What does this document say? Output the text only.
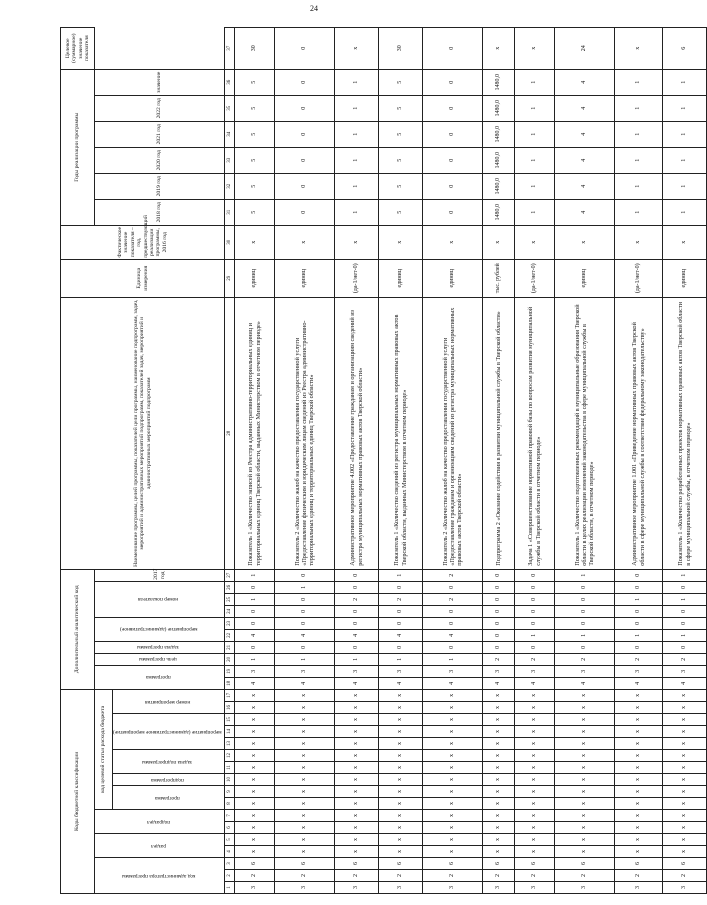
24
Коды бюджетной классификации																	Дополнительный аналитический код										Наименование программы, целей программы, показателей цели программы, наименование подпрограмм, задач, мероприятий и административных мероприятий подпрограмм, показателей задач, мероприятий и административных мероприятий подпрограмм	Единица измерения	Фактическое значение показателя – год, предшествующий реализации программы, 2016 год	Годы реализации программы						Целевое (суммарное) значение показателя
код администратора программы			раздел		подраздел		код целевой статьи расхода бюджета										программа		цель программы	задача программы	мероприятие (административное)		номер показателя			2017 год				2018 год	2019 год	2020 год	2021 год	2022 год	значение	
							программа		подпрограмма	задача подпрограммы		мероприятие (административное мероприятие)			номер мероприятия																					
1	2	3	4	5	6	7	8	9	10	11	12	13	14	15	16	17	18	19	20	21	22	23	24	25	26	27	28	29	30	31	32	33	34	35	36	37
3	2	6	x	x	x	x	x	x	x	x	x	x	x	x	x	x	4	3	1	0	4	0	0	1	0	1	Показатель 1 «Количество записей из Реестра административно-территориальных единиц и территориальных единиц Тверской области, выданных Министерством в отчетном периоде»	единиц	x	5	5	5	5	5	5	30
3	2	6	x	x	x	x	x	x	x	x	x	x	x	x	x	x	4	3	1	0	4	0	0	0	1	0	Показатель 2 «Количество жалоб на качество предоставления государственной услуги «Предоставление физическим и юридическим лицам сведений из Реестра административно-территориальных единиц и территориальных единиц Тверской области»	единиц	x	0	0	0	0	0	0	0
3	2	6	x	x	x	x	x	x	x	x	x	x	x	x	x	x	4	3	1	0	4	0	0	2	0	0	Административное мероприятие 4.002 «Предоставление гражданам и организациям сведений из регистра муниципальных нормативных правовых актов Тверской области»	(да-1/нет-0)	x	1	1	1	1	1	1	x
3	2	6	x	x	x	x	x	x	x	x	x	x	x	x	x	x	4	3	1	0	4	0	0	2	0	1	Показатель 1 «Количество сведений из регистра муниципальных нормативных правовых актов Тверской области, выданных Министерством в отчетном периоде»	единиц	x	5	5	5	5	5	5	30
3	2	6	x	x	x	x	x	x	x	x	x	x	x	x	x	x	4	3	1	0	4	0	0	2	0	2	Показатель 2 «Количество жалоб на качество предоставления государственной услуги «Предоставление гражданам и организациям сведений из регистра муниципальных нормативных правовых актов Тверской области»	единиц	x	0	0	0	0	0	0	0
3	2	6	x	x	x	x	x	x	x	x	x	x	x	x	x	x	4	3	2	0	0	0	0	0	0	0	Подпрограмма 2 «Оказание содействия в развитии муниципальной службы в Тверской области»	тыс. рублей	x	1480,0	1480,0	1480,0	1480,0	1480,0	1480,0	x
3	2	6	x	x	x	x	x	x	x	x	x	x	x	x	x	x	4	3	2	0	1	0	0	0	0	0	Задача 1 «Совершенствование нормативной правовой базы по вопросам развития муниципальной службы в Тверской области в отчетном периоде»	(да-1/нет-0)	x	1	1	1	1	1	1	x
3	2	6	x	x	x	x	x	x	x	x	x	x	x	x	x	x	4	3	2	0	1	0	0	0	0	1	Показатель 1 «Количество подготовленных рекомендаций в муниципальные образования Тверской области в целях реализации изменений законодательства в сфере муниципальной службы в Тверской области, в отчетном периоде»	единиц	x	4	4	4	4	4	4	24
3	2	6	x	x	x	x	x	x	x	x	x	x	x	x	x	x	4	3	2	0	1	0	0	1	0	0	Административное мероприятие 1.001 «Приведение нормативных правовых актов Тверской области в сфере муниципальной службы в соответствие федеральному законодательству»	(да-1/нет-0)	x	1	1	1	1	1	1	x
3	2	6	x	x	x	x	x	x	x	x	x	x	x	x	x	x	4	3	2	0	1	0	0	1	0	1	Показатель 1 «Количество разработанных проектов нормативных правовых актов Тверской области в сфере муниципальной службы, в отчетном периоде»	единиц	x	1	1	1	1	1	1	6
